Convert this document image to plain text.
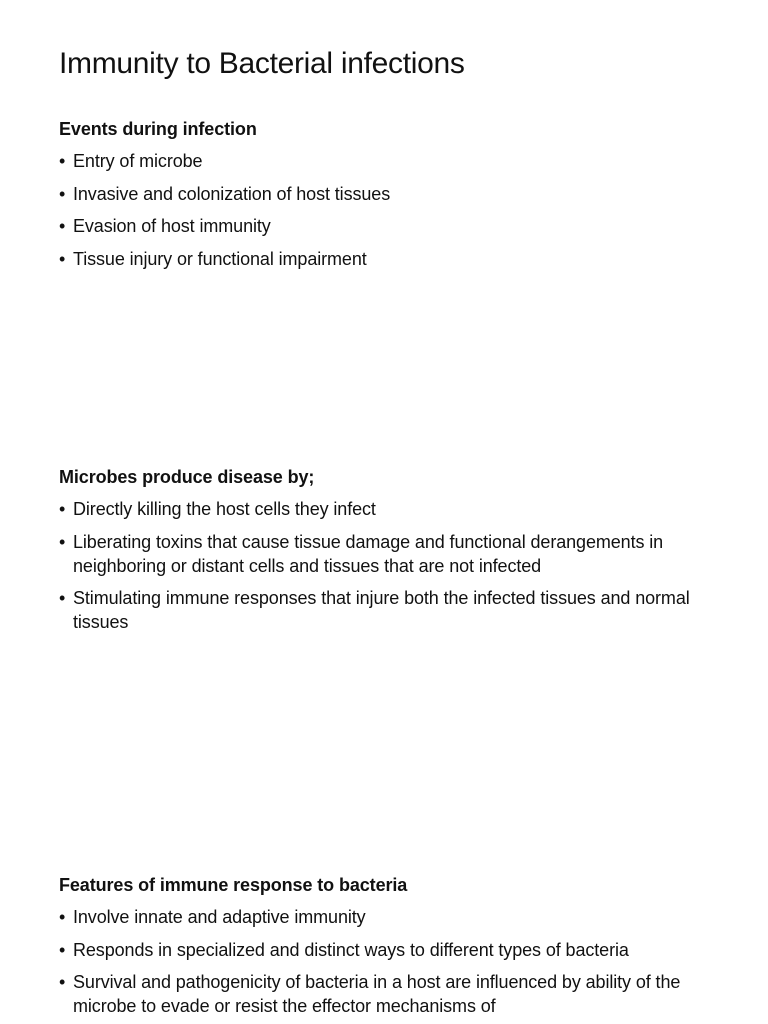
Immunity to Bacterial infections
Events during infection
• Entry of microbe
• Invasive and colonization of host tissues
• Evasion of host immunity
• Tissue injury or functional impairment
Microbes produce disease by;
• Directly killing the host cells they infect
• Liberating toxins that cause tissue damage and functional derangements in neighboring or distant cells and tissues that are not infected
• Stimulating immune responses that injure both the infected tissues and normal tissues
Features of immune response to bacteria
• Involve innate and adaptive immunity
• Responds in specialized and distinct ways to different types of bacteria
• Survival and pathogenicity of bacteria in a host are influenced by ability of the microbe to evade or resist the effector mechanisms of
